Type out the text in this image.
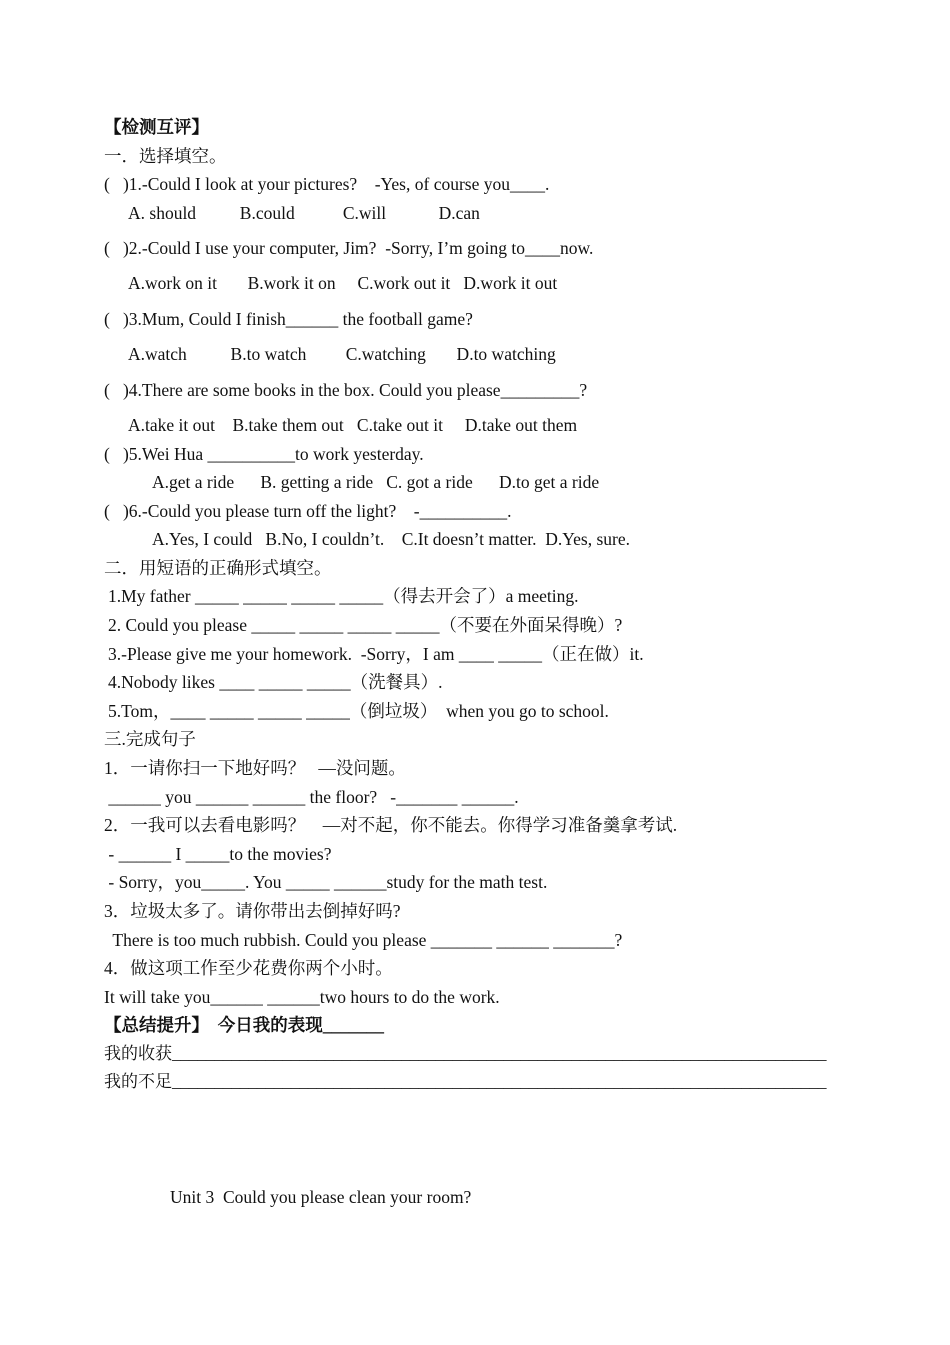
【检测互评】
一．选择填空。
(   )1.-Could I look at your pictures?    -Yes, of course you____.
A. should          B.could           C.will            D.can
(   )2.-Could I use your computer, Jim?  -Sorry, I’m going to____now.
A.work on it       B.work it on     C.work out it   D.work it out
(   )3.Mum, Could I finish______ the football game?
A.watch          B.to watch         C.watching       D.to watching
(   )4.There are some books in the box. Could you please_________?
A.take it out    B.take them out   C.take out it     D.take out them
(   )5.Wei Hua __________to work yesterday.
A.get a ride      B. getting a ride   C. got a ride      D.to get a ride
(   )6.-Could you please turn off the light?    -__________.
A.Yes, I could   B.No, I couldn’t.    C.It doesn’t matter.  D.Yes, sure.
二．用短语的正确形式填空。
1.My father _____ _____ _____ _____（得去开会了）a meeting.
2. Could you please _____ _____ _____ _____（不要在外面呆得晚）?
3.-Please give me your homework.  -Sorry，I am ____ _____（正在做）it.
4.Nobody likes ____ _____ _____（洗餐具）.
5.Tom，____ _____ _____ _____（倒垃圾）  when you go to school.
三.完成句子
1．一请你扫一下地好吗？   —没问题。
______ you ______ ______ the floor?   -_______ ______.
2．一我可以去看电影吗？    —对不起，你不能去。你得学习准备羹拿考试.
- ______ I _____to the movies?
- Sorry，you_____. You _____ ______study for the math test.
3．垃圾太多了。请你带出去倒掉好吗?
There is too much rubbish. Could you please _______ ______ _______?
4．做这项工作至少花费你两个小时。
It will take you______ ______two hours to do the work.
【总结提升】  今日我的表现_______
我的收获_____________________________________________________________________________
我的不足_____________________________________________________________________________
Unit 3  Could you please clean your room?
